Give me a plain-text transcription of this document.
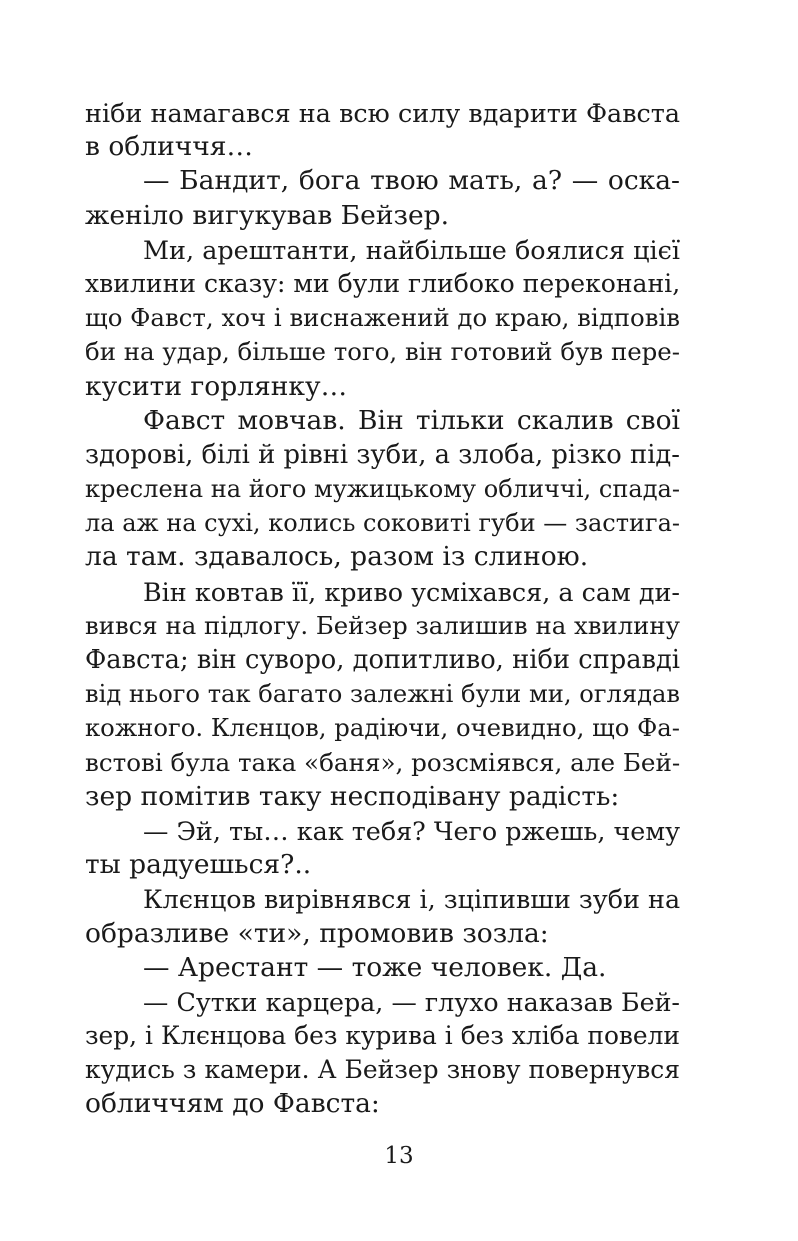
ніби намагався на всю силу вдарити Фавста
в обличчя…
— Бандит, бога твою мать, а? — оска-
женіло вигукував Бейзер.
Ми, арештанти, найбільше боялися цієї
хвилини сказу: ми були глибоко переконані,
що Фавст, хоч і виснажений до краю, відповів
би на удар, більше того, він готовий був пере-
кусити горлянку…
Фавст мовчав. Він тільки скалив свої
здорові, білі й рівні зуби, а злоба, різко під-
креслена на його мужицькому обличчі, спада-
ла аж на сухі, колись соковиті губи — застига-
ла там. здавалось, разом із слиною.
Він ковтав її, криво усміхався, а сам ди-
вився на підлогу. Бейзер залишив на хвилину
Фавста; він суворо, допитливо, ніби справді
від нього так багато залежні були ми, оглядав
кожного. Клєнцов, радіючи, очевидно, що Фа-
встові була така «баня», розсміявся, але Бей-
зер помітив таку несподівану радість:
— Эй, ты… как тебя? Чего ржешь, чему
ты радуешься?..
Клєнцов вирівнявся і, зціпивши зуби на
образливе «ти», промовив зозла:
— Арестант — тоже человек. Да.
— Сутки карцера, — глухо наказав Бей-
зер, і Клєнцова без курива і без хліба повели
кудись з камери. А Бейзер знову повернувся
обличчям до Фавста:
13
